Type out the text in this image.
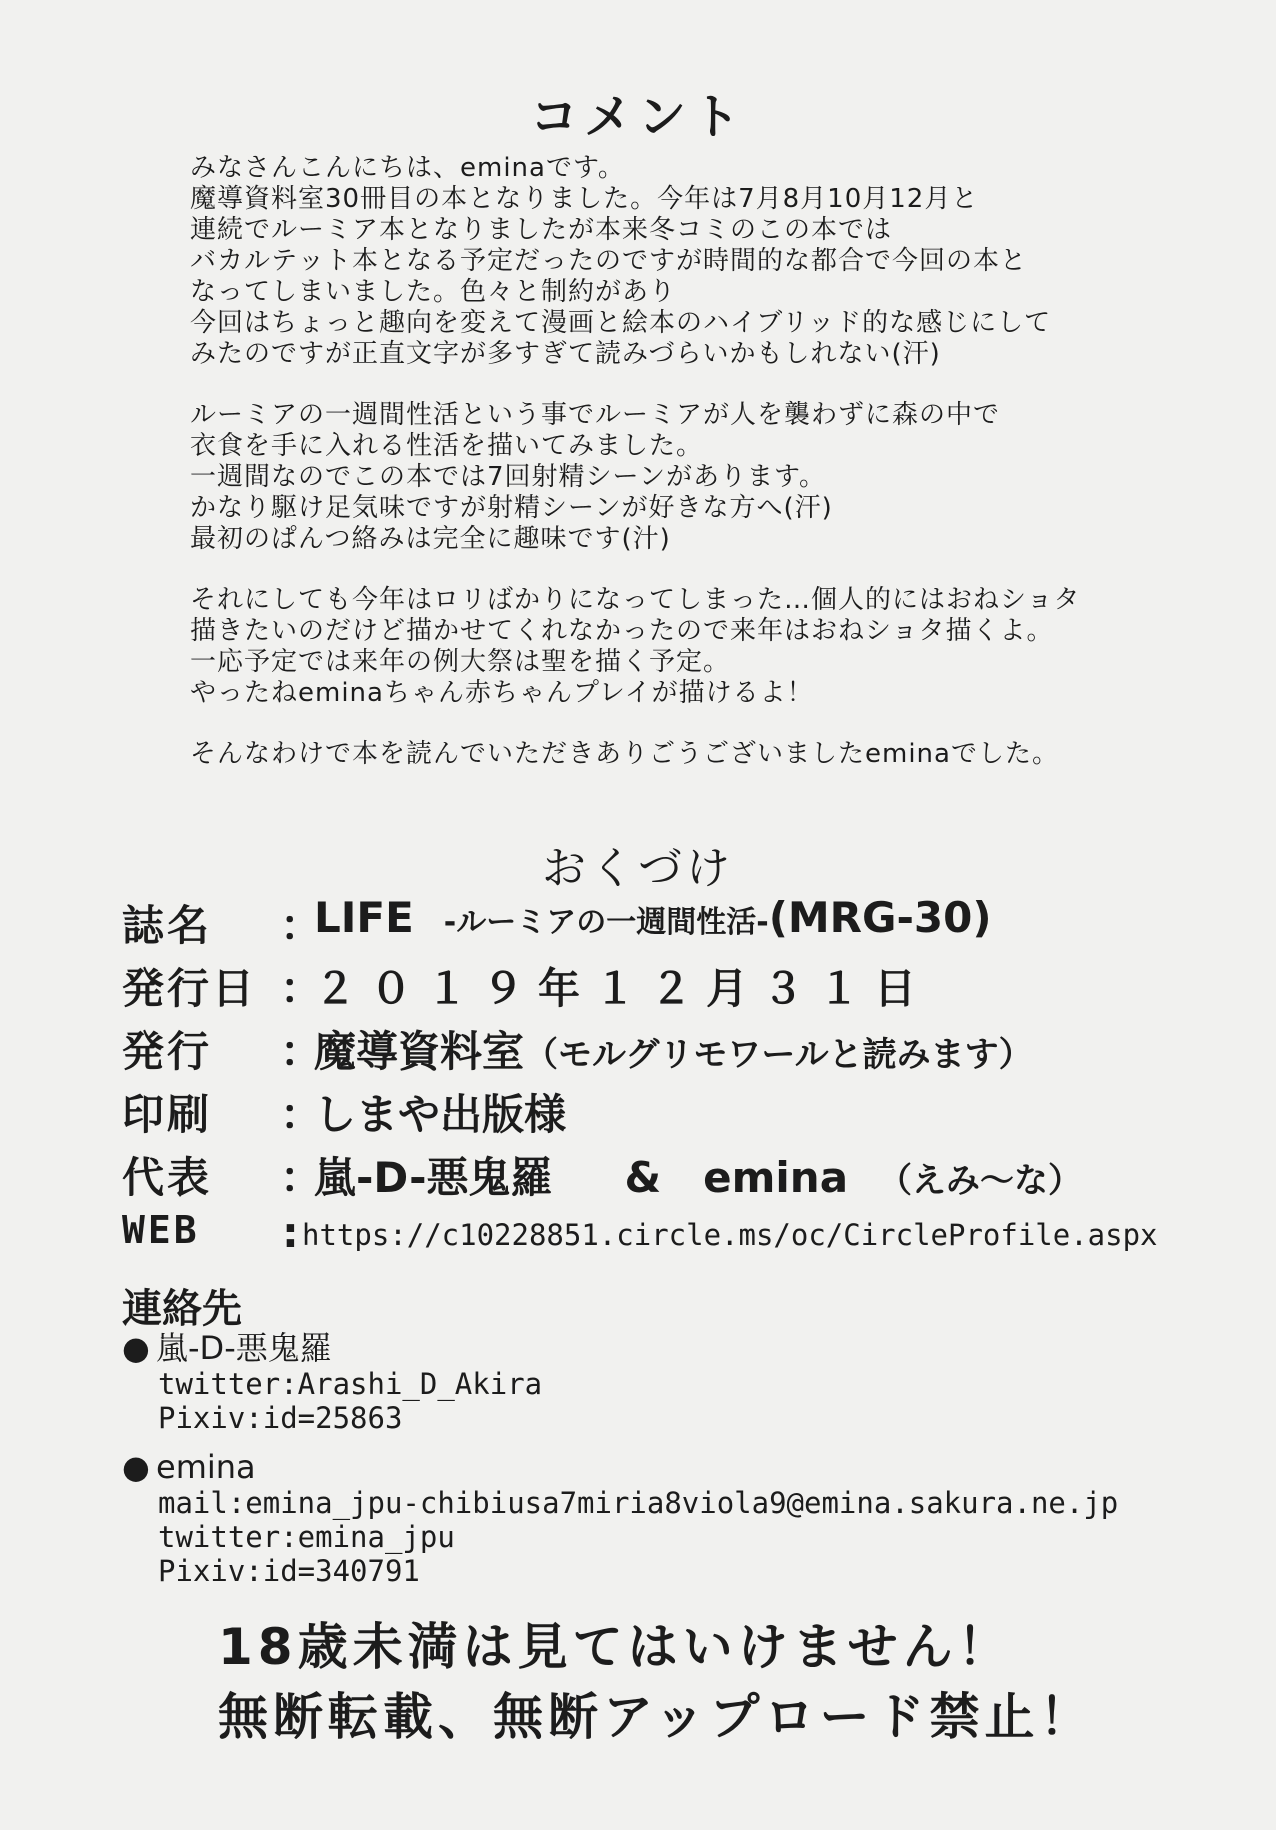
コメント
みなさんこんにちは、eminaです。
魔導資料室30冊目の本となりました。今年は7月8月10月12月と
連続でルーミア本となりましたが本来冬コミのこの本では
バカルテット本となる予定だったのですが時間的な都合で今回の本と
なってしまいました。色々と制約があり
今回はちょっと趣向を変えて漫画と絵本のハイブリッド的な感じにして
みたのですが正直文字が多すぎて読みづらいかもしれない(汗)
ルーミアの一週間性活という事でルーミアが人を襲わずに森の中で
衣食を手に入れる性活を描いてみました。
一週間なのでこの本では7回射精シーンがあります。
かなり駆け足気味ですが射精シーンが好きな方へ(汗)
最初のぱんつ絡みは完全に趣味です(汁)
それにしても今年はロリばかりになってしまった…個人的にはおねショタ
描きたいのだけど描かせてくれなかったので来年はおねショタ描くよ。
一応予定では来年の例大祭は聖を描く予定。
やったねeminaちゃん赤ちゃんプレイが描けるよ！
そんなわけで本を読んでいただきありごうございましたeminaでした。
おくづけ
誌名 ：
LIFE -ルーミアの一週間性活-(MRG-30)
発行日 ：
２０１９年１２月３１日
発行 ：
魔導資料室（モルグリモワールと読みます）
印刷 ：
しまや出版様
代表 ：
嵐-D-悪鬼羅 & emina （えみ～な）
WEB : https://c10228851.circle.ms/oc/CircleProfile.aspx
連絡先
● 嵐-D-悪鬼羅
twitter:Arashi_D_Akira
Pixiv:id=25863
● emina
mail:emina_jpu-chibiusa7miria8viola9@emina.sakura.ne.jp
twitter:emina_jpu
Pixiv:id=340791
18歳未満は見てはいけません！
無断転載、無断アップロード禁止！
